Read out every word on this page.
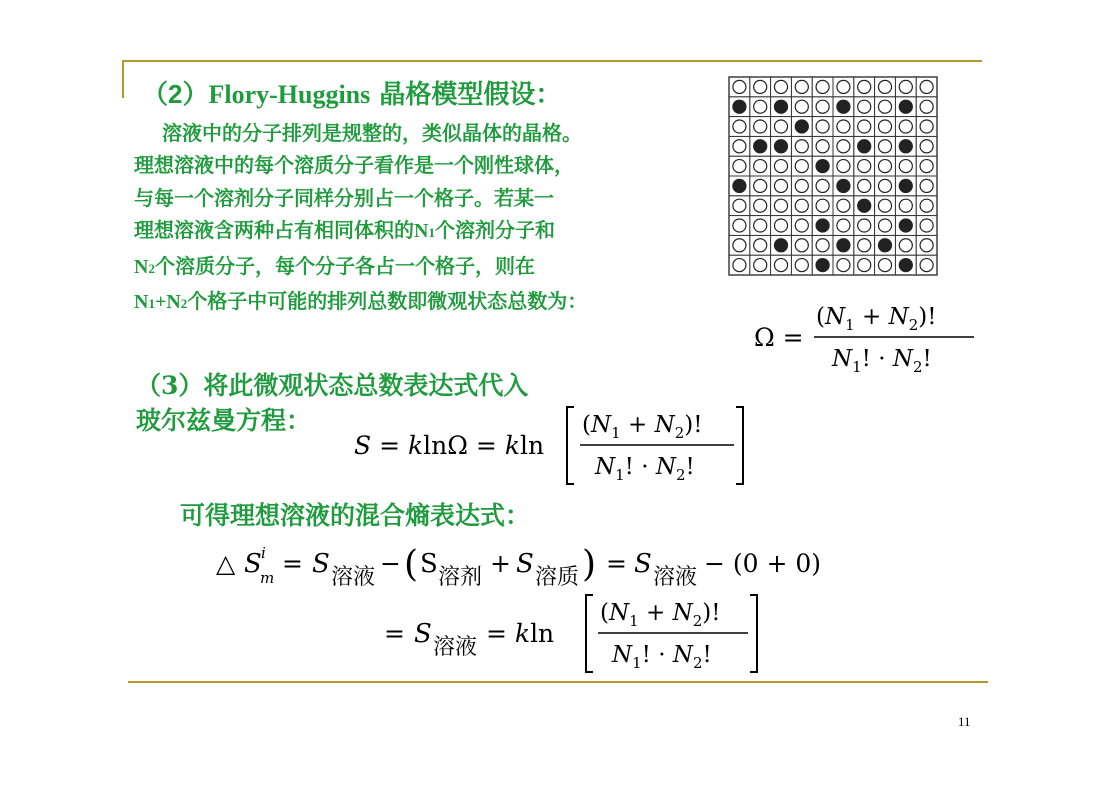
（2）Flory-Huggins 晶格模型假设：
溶液中的分子排列是规整的，类似晶体的晶格。
理想溶液中的每个溶质分子看作是一个刚性球体，
与每一个溶剂分子同样分别占一个格子。若某一
理想溶液含两种占有相同体积的N1个溶剂分子和
N2个溶质分子，每个分子各占一个格子，则在
N1+N2个格子中可能的排列总数即微观状态总数为：
Ω =
$(N_1 + N_2)$!
$N_1$! · $N_2$!
（3）将此微观状态总数表达式代入
玻尔兹曼方程：
S = klnΩ = kln
$(N_1 + N_2)$!
$N_1$! · $N_2$!
可得理想溶液的混合熵表达式：
△ S i
m = S 溶液 − ( S 溶剂 + S 溶质 ) = S 溶液 − (0 + 0)
= S 溶液 = kln
$(N_1 + N_2)$!
$N_1$! · $N_2$!
11
